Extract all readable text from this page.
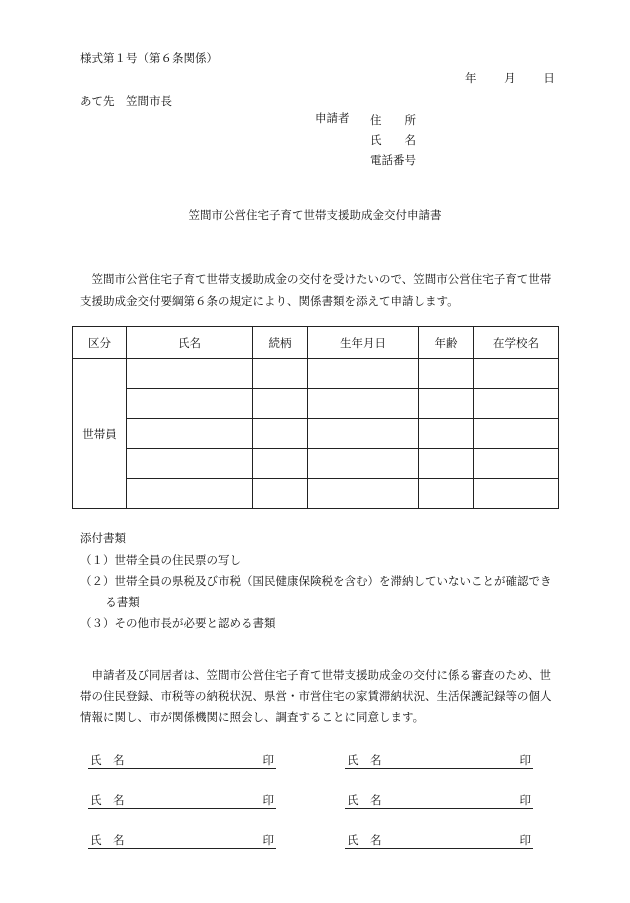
様式第１号（第６条関係）
年 月 日
あて先　笠間市長
申請者 住　　所
氏　　名
電話番号
笠間市公営住宅子育て世帯支援助成金交付申請書
　笠間市公営住宅子育て世帯支援助成金の交付を受けたいので、笠間市公営住宅子育て世帯支援助成金交付要綱第６条の規定により、関係書類を添えて申請します。
区分	氏名	続柄	生年月日	年齢	在学校名
世帯員					

添付書類
（１）世帯全員の住民票の写し
（２）世帯全員の県税及び市税（国民健康保険税を含む）を滞納していないことが確認できる書類
（３）その他市長が必要と認める書類
　申請者及び同居者は、笠間市公営住宅子育て世帯支援助成金の交付に係る審査のため、世帯の住民登録、市税等の納税状況、県営・市営住宅の家賃滞納状況、生活保護記録等の個人情報に関し、市が関係機関に照会し、調査することに同意します。
氏　名	印	氏　名	印
氏　名	印	氏　名	印
氏　名	印	氏　名	印
